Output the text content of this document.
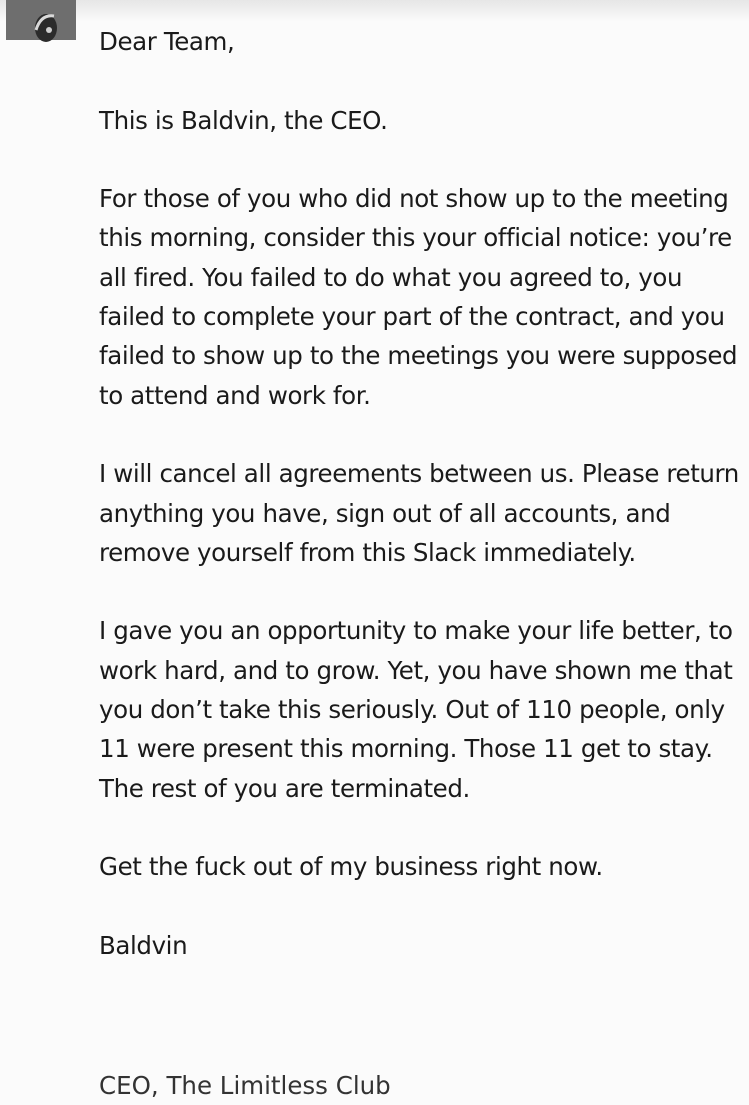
Dear Team,

This is Baldvin, the CEO.

For those of you who did not show up to the meeting this morning, consider this your official notice: you’re all fired. You failed to do what you agreed to, you failed to complete your part of the contract, and you failed to show up to the meetings you were supposed to attend and work for.

I will cancel all agreements between us. Please return anything you have, sign out of all accounts, and remove yourself from this Slack immediately.

I gave you an opportunity to make your life better, to work hard, and to grow. Yet, you have shown me that you don’t take this seriously. Out of 110 people, only 11 were present this morning. Those 11 get to stay. The rest of you are terminated.

Get the fuck out of my business right now.

Baldvin

CEO, The Limitless Club
